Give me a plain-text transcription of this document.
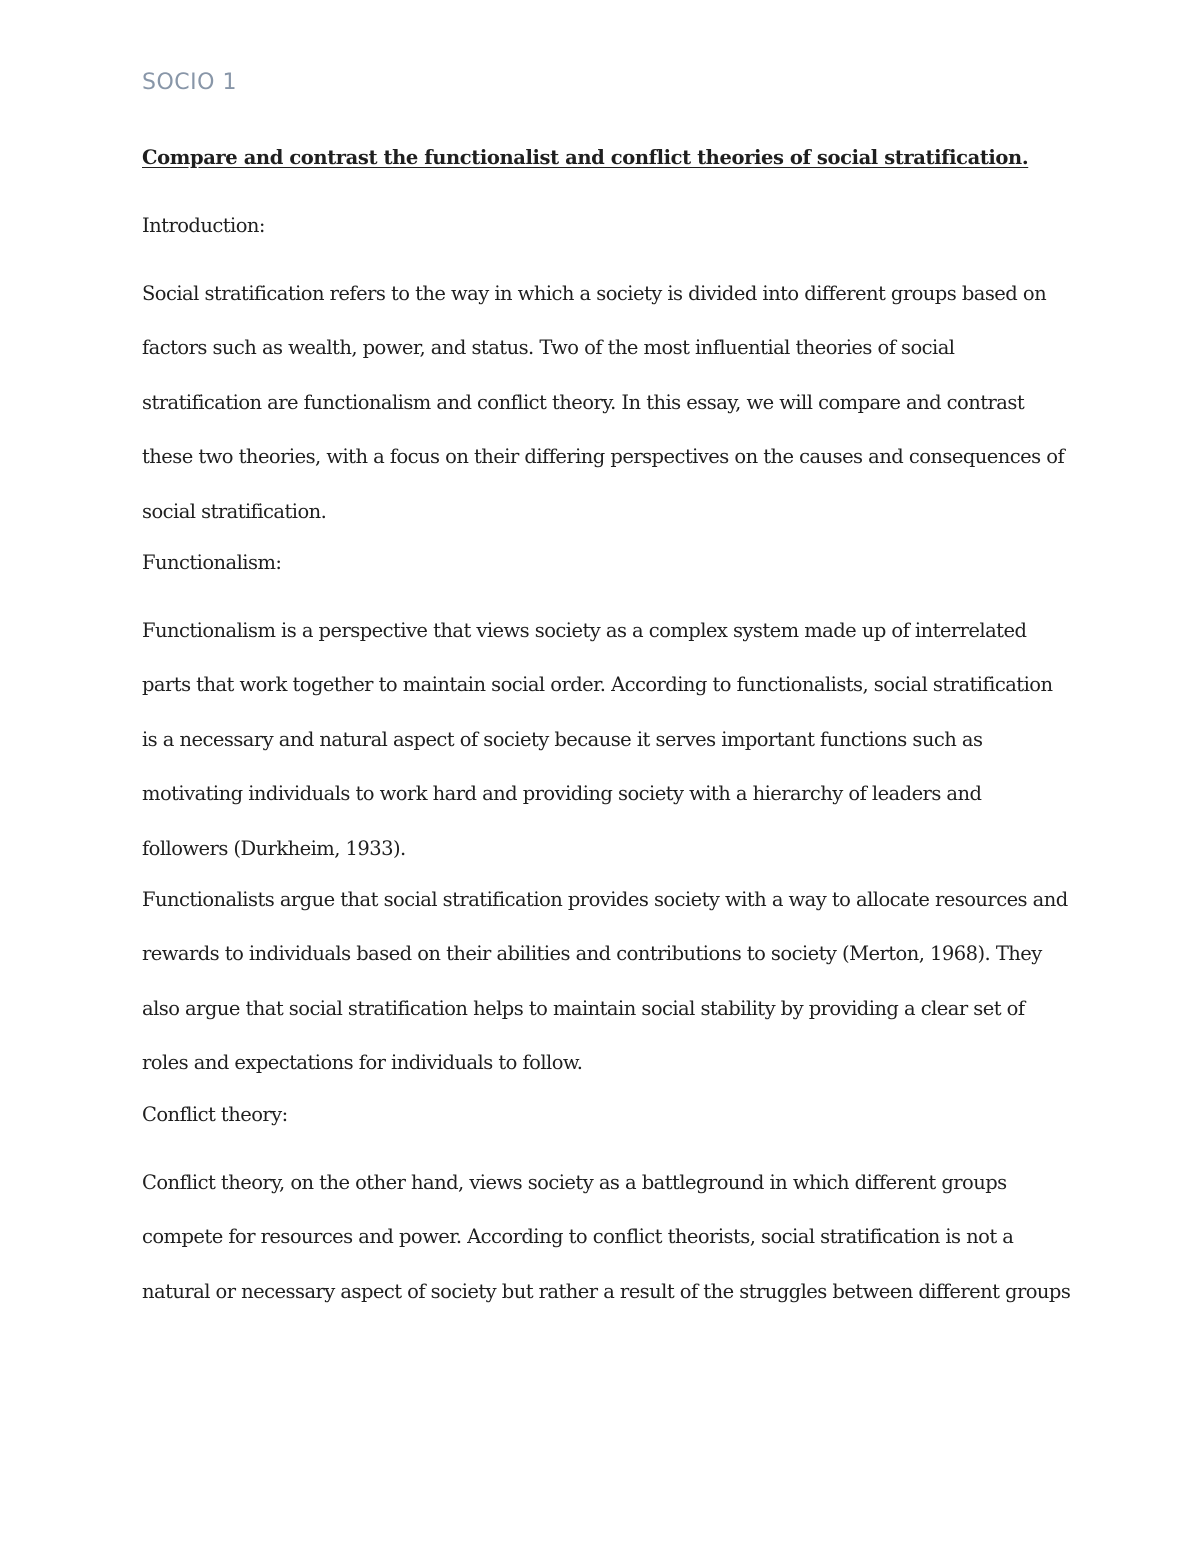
SOCIO 1

Compare and contrast the functionalist and conflict theories of social stratification.

Introduction:

Social stratification refers to the way in which a society is divided into different groups based on factors such as wealth, power, and status. Two of the most influential theories of social stratification are functionalism and conflict theory. In this essay, we will compare and contrast these two theories, with a focus on their differing perspectives on the causes and consequences of social stratification.

Functionalism:

Functionalism is a perspective that views society as a complex system made up of interrelated parts that work together to maintain social order. According to functionalists, social stratification is a necessary and natural aspect of society because it serves important functions such as motivating individuals to work hard and providing society with a hierarchy of leaders and followers (Durkheim, 1933).

Functionalists argue that social stratification provides society with a way to allocate resources and rewards to individuals based on their abilities and contributions to society (Merton, 1968). They also argue that social stratification helps to maintain social stability by providing a clear set of roles and expectations for individuals to follow.

Conflict theory:

Conflict theory, on the other hand, views society as a battleground in which different groups compete for resources and power. According to conflict theorists, social stratification is not a natural or necessary aspect of society but rather a result of the struggles between different groups
